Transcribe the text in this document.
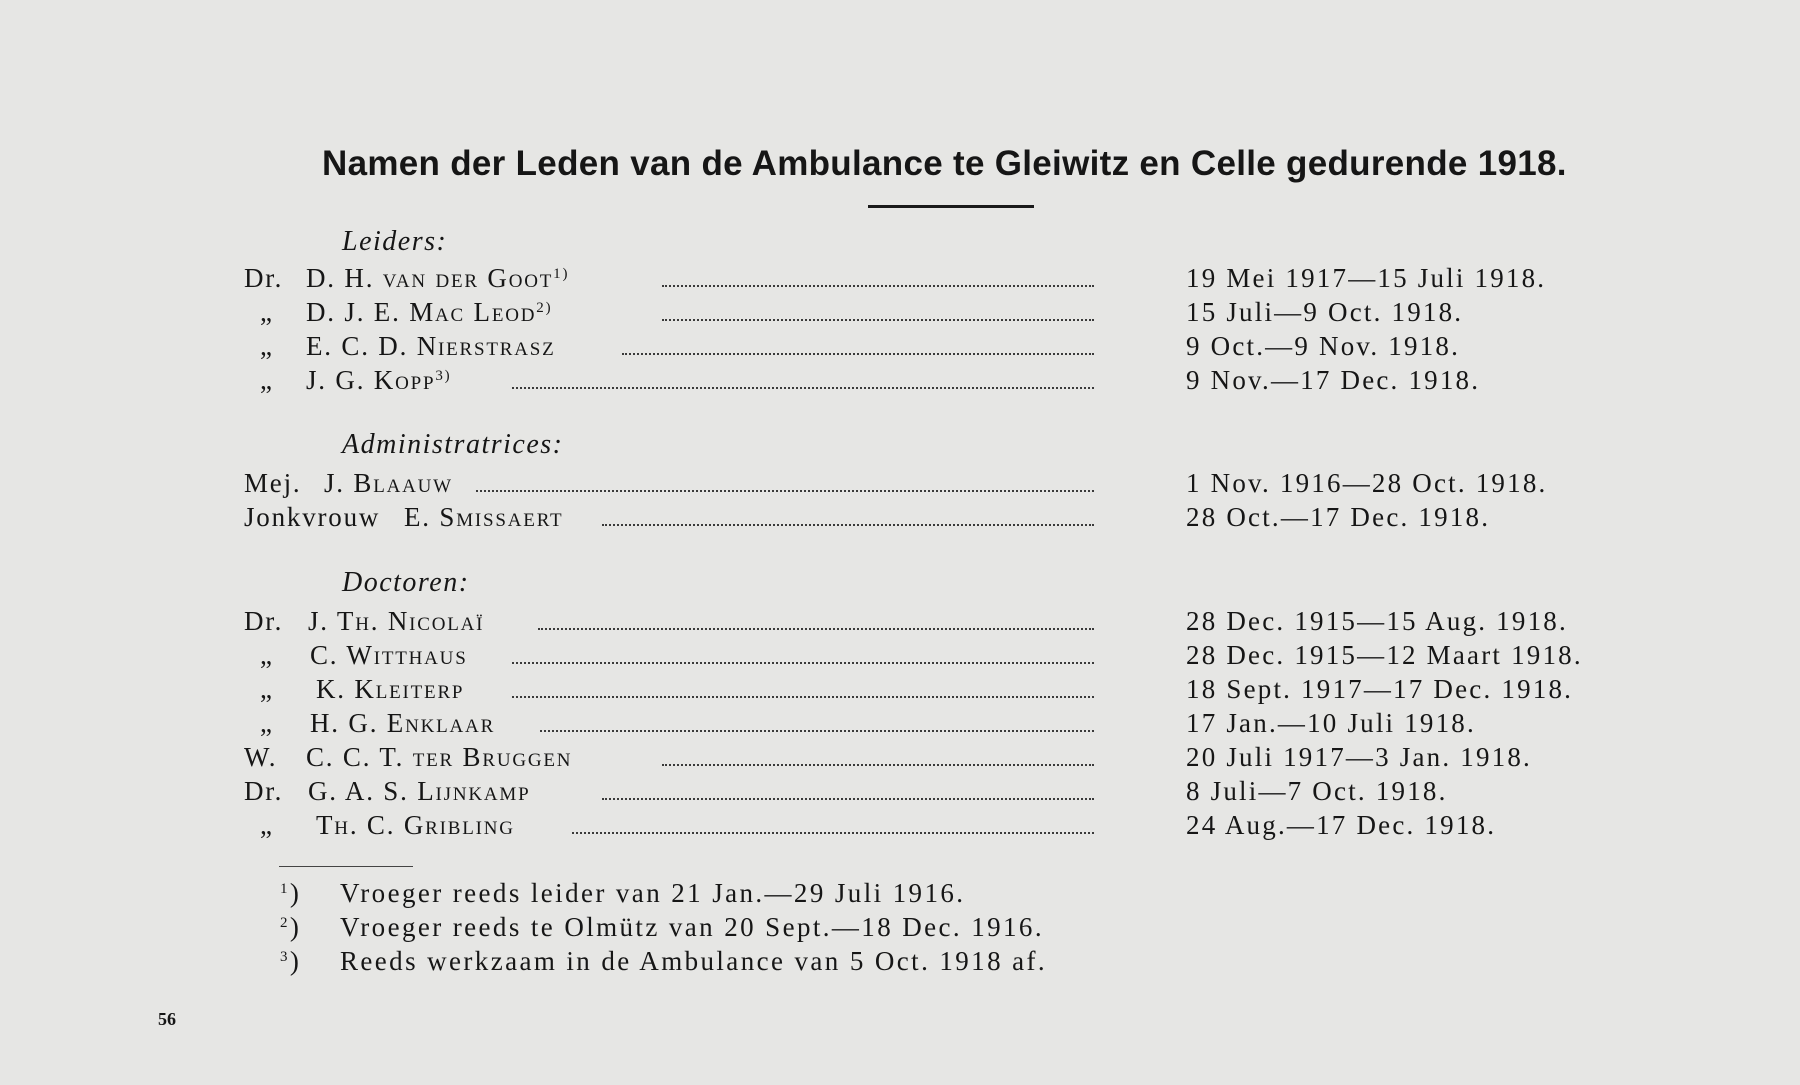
Namen der Leden van de Ambulance te Gleiwitz en Celle gedurende 1918.
Leiders:
Dr. D. H. van der Goot$^{1)}$	19 Mei 1917—15 Juli 1918.
„	D. J. E. Mac Leod$^{2)}$	15 Juli—9 Oct. 1918.
„	E. C. D. Nierstrasz	9 Oct.—9 Nov. 1918.
„	J. G. Kopp$^{3)}$	9 Nov.—17 Dec. 1918.
Administratrices:
Mej. J. Blaauw	1 Nov. 1916—28 Oct. 1918.
Jonkvrouw E. Smissaert	28 Oct.—17 Dec. 1918.
Doctoren:
Dr. J. Th. Nicolaï	28 Dec. 1915—15 Aug. 1918.
„	C. Witthaus	28 Dec. 1915—12 Maart 1918.
„	K. Kleiterp	18 Sept. 1917—17 Dec. 1918.
„	H. G. Enklaar	17 Jan.—10 Juli 1918.
W.	C. C. T. ter Bruggen	20 Juli 1917—3 Jan. 1918.
Dr. G. A. S. Lijnkamp	8 Juli—7 Oct. 1918.
„	Th. C. Gribling	24 Aug.—17 Dec. 1918.
$^1$) Vroeger reeds leider van 21 Jan.—29 Juli 1916.
$^2$) Vroeger reeds te Olmütz van 20 Sept.—18 Dec. 1916.
$^3$) Reeds werkzaam in de Ambulance van 5 Oct. 1918 af.
56
